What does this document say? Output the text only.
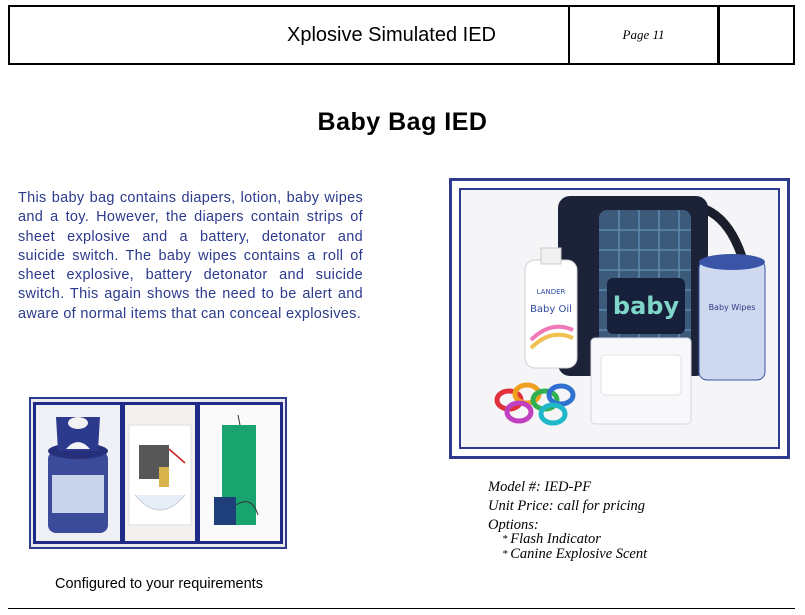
Xplosive Simulated IED	Page 11
Baby Bag IED
This baby bag contains diapers, lotion, baby wipes and a toy. However, the diapers contain strips of sheet explosive and a battery, detonator and suicide switch. The baby wipes contains a roll of sheet explosive, battery detonator and suicide switch. This again shows the need to be alert and aware of normal items that can conceal explosives.	baby
LANDER
Baby Oil	Baby Wipes
Configured to your requirements
Model #: IED-PF
Unit Price: call for pricing
Options:
* Flash Indicator
* Canine Explosive Scent
